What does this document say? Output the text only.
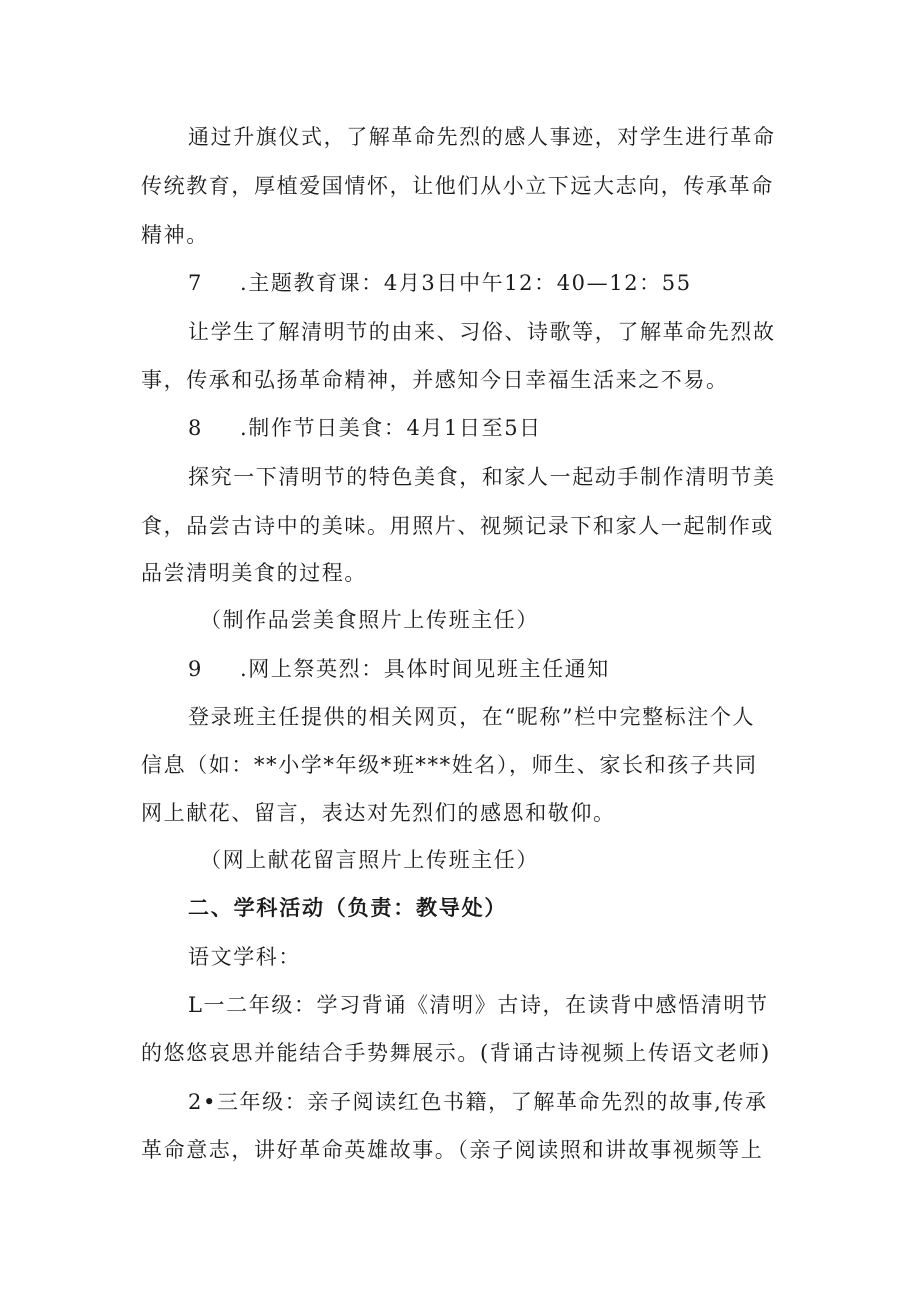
通过升旗仪式，了解革命先烈的感人事迹，对学生进行革命
传统教育，厚植爱国情怀，让他们从小立下远大志向，传承革命
精神。
7 .主题教育课：4月3日中午12：40—12：55
让学生了解清明节的由来、习俗、诗歌等，了解革命先烈故
事，传承和弘扬革命精神，并感知今日幸福生活来之不易。
8 .制作节日美食：4月1日至5日
探究一下清明节的特色美食，和家人一起动手制作清明节美
食，品尝古诗中的美味。用照片、视频记录下和家人一起制作或
品尝清明美食的过程。
（制作品尝美食照片上传班主任）
9 .网上祭英烈：具体时间见班主任通知
登录班主任提供的相关网页，在“昵称”栏中完整标注个人
信息（如：**小学*年级*班***姓名），师生、家长和孩子共同
网上献花、留言，表达对先烈们的感恩和敬仰。
（网上献花留言照片上传班主任）
二、学科活动（负责：教导处）
语文学科：
L一二年级：学习背诵《清明》古诗，在读背中感悟清明节
的悠悠哀思并能结合手势舞展示。(背诵古诗视频上传语文老师)
2•三年级：亲子阅读红色书籍，了解革命先烈的故事,传承
革命意志，讲好革命英雄故事。（亲子阅读照和讲故事视频等上
